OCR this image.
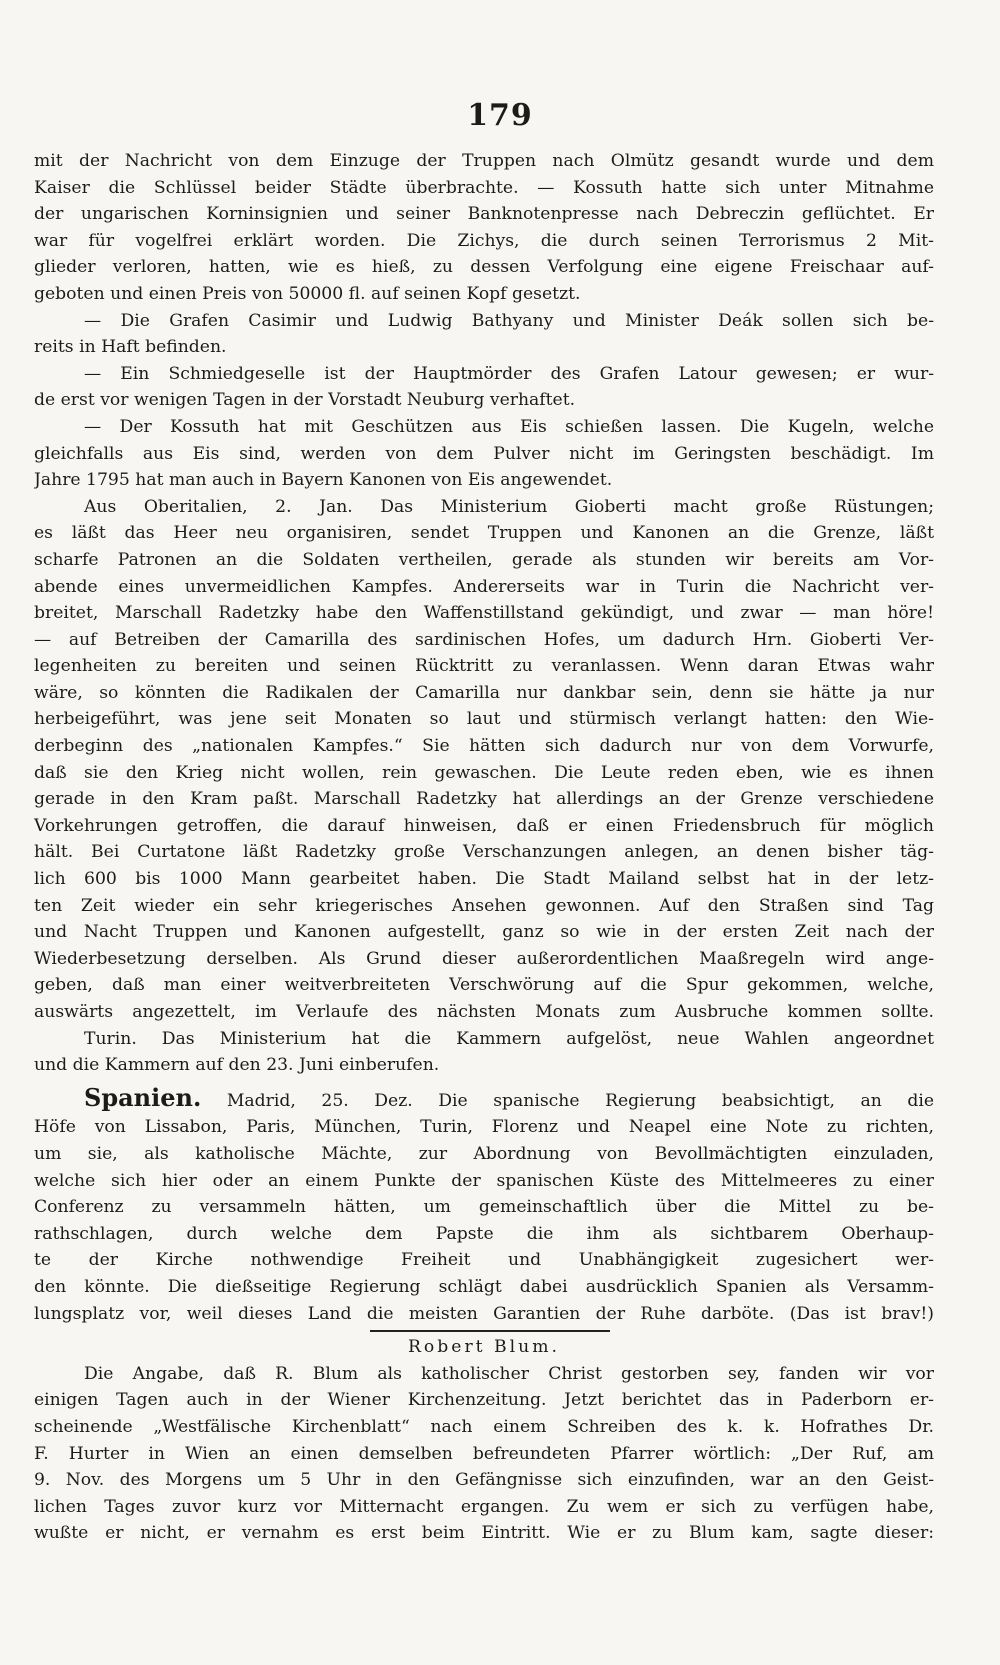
179
mit der Nachricht von dem Einzuge der Truppen nach Olmütz gesandt wurde und dem
Kaiser die Schlüssel beider Städte überbrachte. — Kossuth hatte sich unter Mitnahme
der ungarischen Korninsignien und seiner Banknotenpresse nach Debreczin geflüchtet. Er
war für vogelfrei erklärt worden. Die Zichys, die durch seinen Terrorismus 2 Mit-
glieder verloren, hatten, wie es hieß, zu dessen Verfolgung eine eigene Freischaar auf-
geboten und einen Preis von 50000 fl. auf seinen Kopf gesetzt.
— Die Grafen Casimir und Ludwig Bathyany und Minister Deák sollen sich be-
reits in Haft befinden.
— Ein Schmiedgeselle ist der Hauptmörder des Grafen Latour gewesen; er wur-
de erst vor wenigen Tagen in der Vorstadt Neuburg verhaftet.
— Der Kossuth hat mit Geschützen aus Eis schießen lassen. Die Kugeln, welche
gleichfalls aus Eis sind, werden von dem Pulver nicht im Geringsten beschädigt. Im
Jahre 1795 hat man auch in Bayern Kanonen von Eis angewendet.
Aus Oberitalien, 2. Jan. Das Ministerium Gioberti macht große Rüstungen;
es läßt das Heer neu organisiren, sendet Truppen und Kanonen an die Grenze, läßt
scharfe Patronen an die Soldaten vertheilen, gerade als stunden wir bereits am Vor-
abende eines unvermeidlichen Kampfes. Andererseits war in Turin die Nachricht ver-
breitet, Marschall Radetzky habe den Waffenstillstand gekündigt, und zwar — man höre!
— auf Betreiben der Camarilla des sardinischen Hofes, um dadurch Hrn. Gioberti Ver-
legenheiten zu bereiten und seinen Rücktritt zu veranlassen. Wenn daran Etwas wahr
wäre, so könnten die Radikalen der Camarilla nur dankbar sein, denn sie hätte ja nur
herbeigeführt, was jene seit Monaten so laut und stürmisch verlangt hatten: den Wie-
derbeginn des „nationalen Kampfes.“ Sie hätten sich dadurch nur von dem Vorwurfe,
daß sie den Krieg nicht wollen, rein gewaschen. Die Leute reden eben, wie es ihnen
gerade in den Kram paßt. Marschall Radetzky hat allerdings an der Grenze verschiedene
Vorkehrungen getroffen, die darauf hinweisen, daß er einen Friedensbruch für möglich
hält. Bei Curtatone läßt Radetzky große Verschanzungen anlegen, an denen bisher täg-
lich 600 bis 1000 Mann gearbeitet haben. Die Stadt Mailand selbst hat in der letz-
ten Zeit wieder ein sehr kriegerisches Ansehen gewonnen. Auf den Straßen sind Tag
und Nacht Truppen und Kanonen aufgestellt, ganz so wie in der ersten Zeit nach der
Wiederbesetzung derselben. Als Grund dieser außerordentlichen Maaßregeln wird ange-
geben, daß man einer weitverbreiteten Verschwörung auf die Spur gekommen, welche,
auswärts angezettelt, im Verlaufe des nächsten Monats zum Ausbruche kommen sollte.
Turin. Das Ministerium hat die Kammern aufgelöst, neue Wahlen angeordnet
und die Kammern auf den 23. Juni einberufen.
Spanien. Madrid, 25. Dez. Die spanische Regierung beabsichtigt, an die
Höfe von Lissabon, Paris, München, Turin, Florenz und Neapel eine Note zu richten,
um sie, als katholische Mächte, zur Abordnung von Bevollmächtigten einzuladen,
welche sich hier oder an einem Punkte der spanischen Küste des Mittelmeeres zu einer
Conferenz zu versammeln hätten, um gemeinschaftlich über die Mittel zu be-
rathschlagen, durch welche dem Papste die ihm als sichtbarem Oberhaup-
te der Kirche nothwendige Freiheit und Unabhängigkeit zugesichert wer-
den könnte. Die dießseitige Regierung schlägt dabei ausdrücklich Spanien als Versamm-
lungsplatz vor, weil dieses Land die meisten Garantien der Ruhe darböte. (Das ist brav!)
Robert Blum.
Die Angabe, daß R. Blum als katholischer Christ gestorben sey, fanden wir vor
einigen Tagen auch in der Wiener Kirchenzeitung. Jetzt berichtet das in Paderborn er-
scheinende „Westfälische Kirchenblatt“ nach einem Schreiben des k. k. Hofrathes Dr.
F. Hurter in Wien an einen demselben befreundeten Pfarrer wörtlich: „Der Ruf, am
9. Nov. des Morgens um 5 Uhr in den Gefängnisse sich einzufinden, war an den Geist-
lichen Tages zuvor kurz vor Mitternacht ergangen. Zu wem er sich zu verfügen habe,
wußte er nicht, er vernahm es erst beim Eintritt. Wie er zu Blum kam, sagte dieser:
